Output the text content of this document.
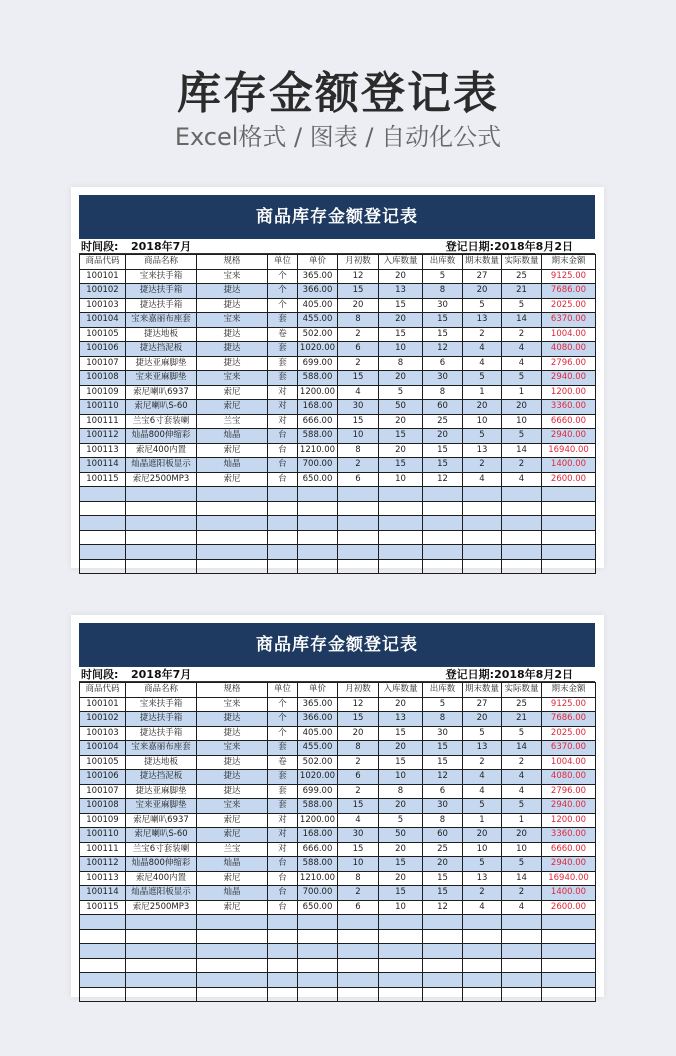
库存金额登记表
Excel格式 / 图表 / 自动化公式
商品库存金额登记表
时间段: 2018年7月	登记日期:2018年8月2日
商品代码	商品名称	规格	单位	单价	月初数	入库数量	出库数	期末数量	实际数量	期末金额
100101	宝来扶手箱	宝来	个	365.00	12	20	5	27	25	9125.00
100102	捷达扶手箱	捷达	个	366.00	15	13	8	20	21	7686.00
100103	捷达扶手箱	捷达	个	405.00	20	15	30	5	5	2025.00
100104	宝来嘉丽布座套	宝来	套	455.00	8	20	15	13	14	6370.00
100105	捷达地板	捷达	卷	502.00	2	15	15	2	2	1004.00
100106	捷达挡泥板	捷达	套	1020.00	6	10	12	4	4	4080.00
100107	捷达亚麻脚垫	捷达	套	699.00	2	8	6	4	4	2796.00
100108	宝来亚麻脚垫	宝来	套	588.00	15	20	30	5	5	2940.00
100109	索尼喇叭6937	索尼	对	1200.00	4	5	8	1	1	1200.00
100110	索尼喇叭S-60	索尼	对	168.00	30	50	60	20	20	3360.00
100111	兰宝6寸套装喇	兰宝	对	666.00	15	20	25	10	10	6660.00
100112	灿晶800伸缩彩	灿晶	台	588.00	10	15	20	5	5	2940.00
100113	索尼400内置	索尼	台	1210.00	8	20	15	13	14	16940.00
100114	灿晶遮阳板显示	灿晶	台	700.00	2	15	15	2	2	1400.00
100115	索尼2500MP3	索尼	台	650.00	6	10	12	4	4	2600.00

商品库存金额登记表
时间段: 2018年7月	登记日期:2018年8月2日
商品代码	商品名称	规格	单位	单价	月初数	入库数量	出库数	期末数量	实际数量	期末金额
100101	宝来扶手箱	宝来	个	365.00	12	20	5	27	25	9125.00
100102	捷达扶手箱	捷达	个	366.00	15	13	8	20	21	7686.00
100103	捷达扶手箱	捷达	个	405.00	20	15	30	5	5	2025.00
100104	宝来嘉丽布座套	宝来	套	455.00	8	20	15	13	14	6370.00
100105	捷达地板	捷达	卷	502.00	2	15	15	2	2	1004.00
100106	捷达挡泥板	捷达	套	1020.00	6	10	12	4	4	4080.00
100107	捷达亚麻脚垫	捷达	套	699.00	2	8	6	4	4	2796.00
100108	宝来亚麻脚垫	宝来	套	588.00	15	20	30	5	5	2940.00
100109	索尼喇叭6937	索尼	对	1200.00	4	5	8	1	1	1200.00
100110	索尼喇叭S-60	索尼	对	168.00	30	50	60	20	20	3360.00
100111	兰宝6寸套装喇	兰宝	对	666.00	15	20	25	10	10	6660.00
100112	灿晶800伸缩彩	灿晶	台	588.00	10	15	20	5	5	2940.00
100113	索尼400内置	索尼	台	1210.00	8	20	15	13	14	16940.00
100114	灿晶遮阳板显示	灿晶	台	700.00	2	15	15	2	2	1400.00
100115	索尼2500MP3	索尼	台	650.00	6	10	12	4	4	2600.00
